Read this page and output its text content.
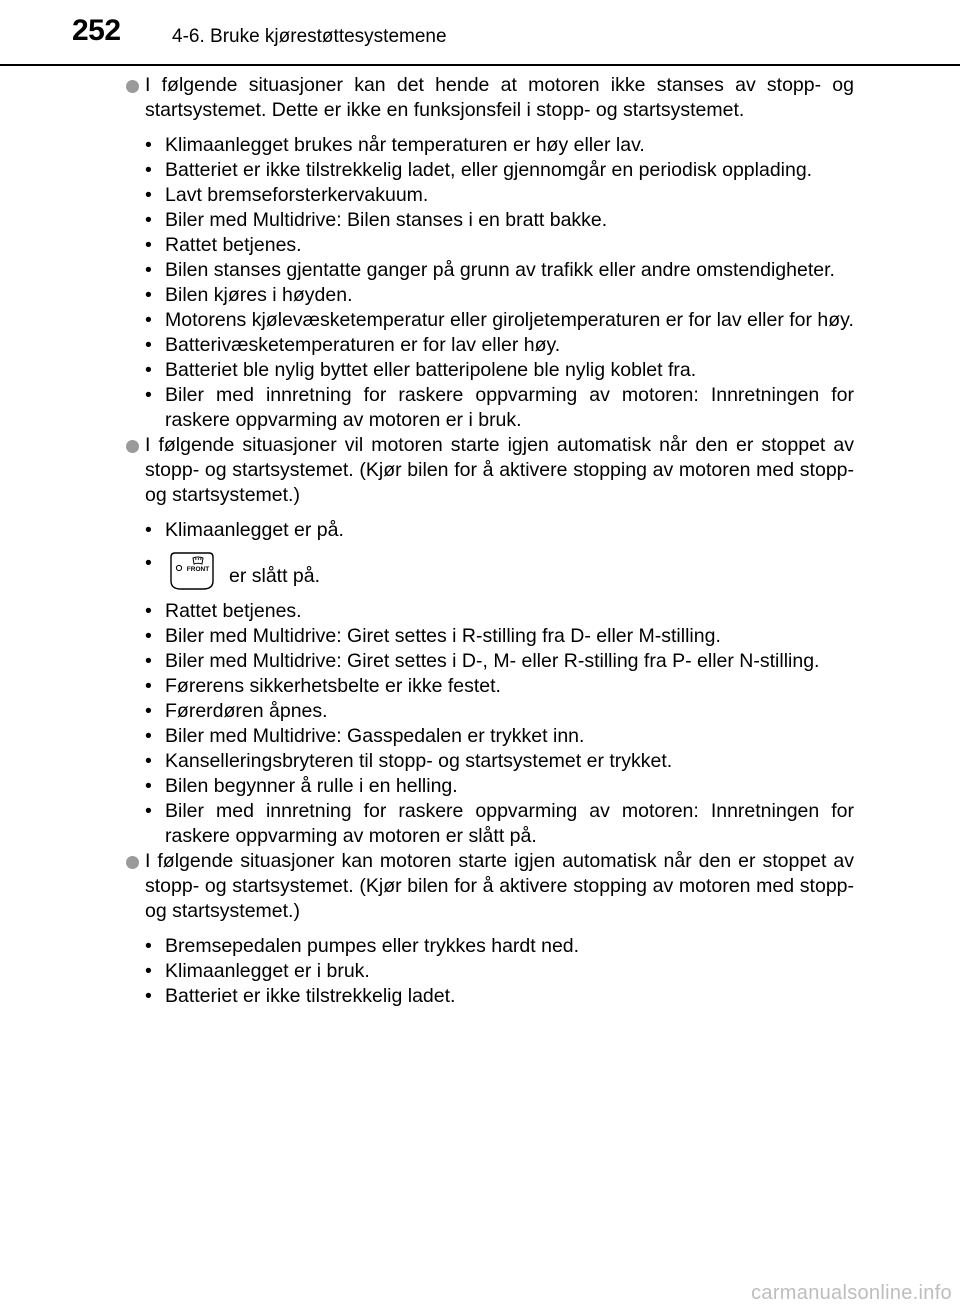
252	4-6. Bruke kjørestøttesystemene
I følgende situasjoner kan det hende at motoren ikke stanses av stopp- og startsystemet. Dette er ikke en funksjonsfeil i stopp- og startsystemet.
• Klimaanlegget brukes når temperaturen er høy eller lav.
• Batteriet er ikke tilstrekkelig ladet, eller gjennomgår en periodisk opplading.
• Lavt bremseforsterkervakuum.
• Biler med Multidrive: Bilen stanses i en bratt bakke.
• Rattet betjenes.
• Bilen stanses gjentatte ganger på grunn av trafikk eller andre omstendigheter.
• Bilen kjøres i høyden.
• Motorens kjølevæsketemperatur eller giroljetemperaturen er for lav eller for høy.
• Batterivæsketemperaturen er for lav eller høy.
• Batteriet ble nylig byttet eller batteripolene ble nylig koblet fra.
• Biler med innretning for raskere oppvarming av motoren: Innretningen for raskere oppvarming av motoren er i bruk.
I følgende situasjoner vil motoren starte igjen automatisk når den er stoppet av stopp- og startsystemet. (Kjør bilen for å aktivere stopping av motoren med stopp- og startsystemet.)
• Klimaanlegget er på.
•	FRONT er slått på.
• Rattet betjenes.
• Biler med Multidrive: Giret settes i R-stilling fra D- eller M-stilling.
• Biler med Multidrive: Giret settes i D-, M- eller R-stilling fra P- eller N-stilling.
• Førerens sikkerhetsbelte er ikke festet.
• Førerdøren åpnes.
• Biler med Multidrive: Gasspedalen er trykket inn.
• Kanselleringsbryteren til stopp- og startsystemet er trykket.
• Bilen begynner å rulle i en helling.
• Biler med innretning for raskere oppvarming av motoren: Innretningen for raskere oppvarming av motoren er slått på.
I følgende situasjoner kan motoren starte igjen automatisk når den er stoppet av stopp- og startsystemet. (Kjør bilen for å aktivere stopping av motoren med stopp- og startsystemet.)
• Bremsepedalen pumpes eller trykkes hardt ned.
• Klimaanlegget er i bruk.
• Batteriet er ikke tilstrekkelig ladet.
carmanualsonline.info
